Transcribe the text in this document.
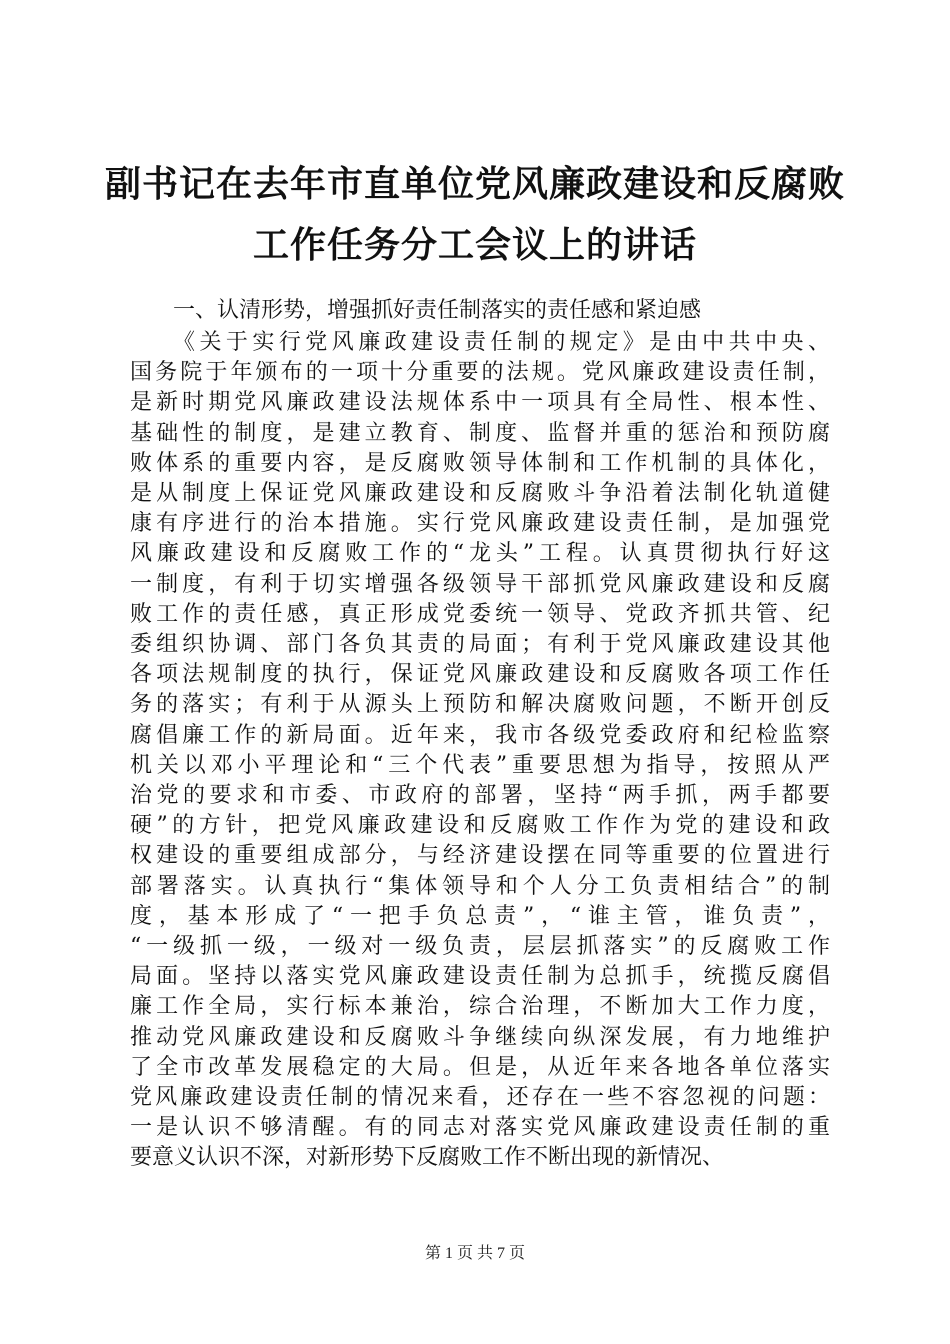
副书记在去年市直单位党风廉政建设和反腐败
工作任务分工会议上的讲话
一、认清形势，增强抓好责任制落实的责任感和紧迫感
《关于实行党风廉政建设责任制的规定》是由中共中央、
国务院于年颁布的一项十分重要的法规。党风廉政建设责任制，
是新时期党风廉政建设法规体系中一项具有全局性、根本性、
基础性的制度，是建立教育、制度、监督并重的惩治和预防腐
败体系的重要内容，是反腐败领导体制和工作机制的具体化，
是从制度上保证党风廉政建设和反腐败斗争沿着法制化轨道健
康有序进行的治本措施。实行党风廉政建设责任制，是加强党
风廉政建设和反腐败工作的“龙头”工程。认真贯彻执行好这
一制度，有利于切实增强各级领导干部抓党风廉政建设和反腐
败工作的责任感，真正形成党委统一领导、党政齐抓共管、纪
委组织协调、部门各负其责的局面；有利于党风廉政建设其他
各项法规制度的执行，保证党风廉政建设和反腐败各项工作任
务的落实；有利于从源头上预防和解决腐败问题，不断开创反
腐倡廉工作的新局面。近年来，我市各级党委政府和纪检监察
机关以邓小平理论和“三个代表”重要思想为指导，按照从严
治党的要求和市委、市政府的部署，坚持“两手抓，两手都要
硬”的方针，把党风廉政建设和反腐败工作作为党的建设和政
权建设的重要组成部分，与经济建设摆在同等重要的位置进行
部署落实。认真执行“集体领导和个人分工负责相结合”的制
度，基本形成了“一把手负总责”，“谁主管，谁负责”，
“一级抓一级，一级对一级负责，层层抓落实”的反腐败工作
局面。坚持以落实党风廉政建设责任制为总抓手，统揽反腐倡
廉工作全局，实行标本兼治，综合治理，不断加大工作力度，
推动党风廉政建设和反腐败斗争继续向纵深发展，有力地维护
了全市改革发展稳定的大局。但是，从近年来各地各单位落实
党风廉政建设责任制的情况来看，还存在一些不容忽视的问题：
一是认识不够清醒。有的同志对落实党风廉政建设责任制的重
要意义认识不深，对新形势下反腐败工作不断出现的新情况、
第 1 页 共 7 页
